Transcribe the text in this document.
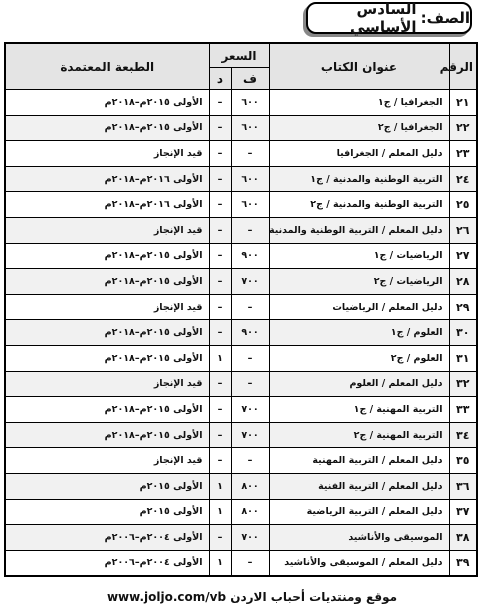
الصف:
السادس الأساسي
الرقم	عنوان الكتاب	السعر		الطبعة المعتمدة
		ف	د	
٢١	الجغرافيا / ج١	٦٠٠	–	الأولى ٢٠١٥م–٢٠١٨م
٢٢	الجغرافيا / ج٢	٦٠٠	–	الأولى ٢٠١٥م–٢٠١٨م
٢٣	دليل المعلم / الجغرافيا	–	–	قيد الإنجاز
٢٤	التربية الوطنية والمدنية / ج١	٦٠٠	–	الأولى ٢٠١٦م–٢٠١٨م
٢٥	التربية الوطنية والمدنية / ج٢	٦٠٠	–	الأولى ٢٠١٦م–٢٠١٨م
٢٦	دليل المعلم / التربية الوطنية والمدنية	–	–	قيد الإنجاز
٢٧	الرياضيات / ج١	٩٠٠	–	الأولى ٢٠١٥م–٢٠١٨م
٢٨	الرياضيات / ج٢	٧٠٠	–	الأولى ٢٠١٥م–٢٠١٨م
٢٩	دليل المعلم / الرياضيات	–	–	قيد الإنجاز
٣٠	العلوم / ج١	٩٠٠	–	الأولى ٢٠١٥م–٢٠١٨م
٣١	العلوم / ج٢	–	١	الأولى ٢٠١٥م–٢٠١٨م
٣٢	دليل المعلم / العلوم	–	–	قيد الإنجاز
٣٣	التربية المهنية / ج١	٧٠٠	–	الأولى ٢٠١٥م–٢٠١٨م
٣٤	التربية المهنية / ج٢	٧٠٠	–	الأولى ٢٠١٥م–٢٠١٨م
٣٥	دليل المعلم / التربية المهنية	–	–	قيد الإنجاز
٣٦	دليل المعلم / التربية الفنية	٨٠٠	١	الأولى ٢٠١٥م
٣٧	دليل المعلم / التربية الرياضية	٨٠٠	١	الأولى ٢٠١٥م
٣٨	الموسيقى والأناشيد	٧٠٠	–	الأولى ٢٠٠٤م–٢٠٠٦م
٣٩	دليل المعلم / الموسيقى والأناشيد	–	١	الأولى ٢٠٠٤م–٢٠٠٦م
موقع ومنتديات أحباب الاردن www.joljo.com/vb
